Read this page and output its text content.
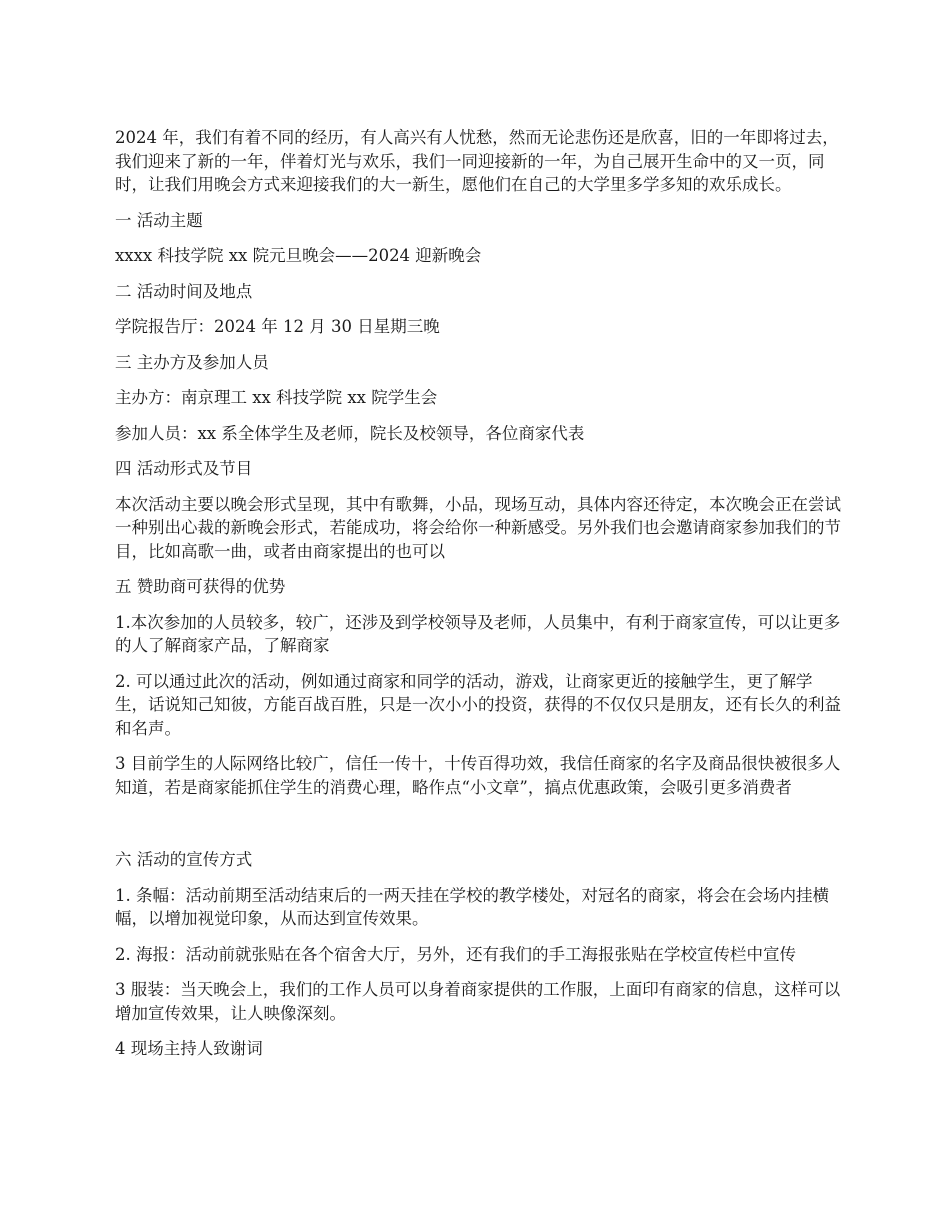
2024 年，我们有着不同的经历，有人高兴有人忧愁，然而无论悲伤还是欣喜，旧的一年即将过去，我们迎来了新的一年，伴着灯光与欢乐，我们一同迎接新的一年，为自己展开生命中的又一页，同时，让我们用晚会方式来迎接我们的大一新生，愿他们在自己的大学里多学多知的欢乐成长。

一 活动主题

xxxx 科技学院 xx 院元旦晚会——2024 迎新晚会

二 活动时间及地点

学院报告厅：2024 年 12 月 30 日星期三晚

三 主办方及参加人员

主办方：南京理工 xx 科技学院 xx 院学生会

参加人员：xx 系全体学生及老师，院长及校领导，各位商家代表

四 活动形式及节目

本次活动主要以晚会形式呈现，其中有歌舞，小品，现场互动，具体内容还待定，本次晚会正在尝试一种别出心裁的新晚会形式，若能成功，将会给你一种新感受。另外我们也会邀请商家参加我们的节目，比如高歌一曲，或者由商家提出的也可以

五 赞助商可获得的优势

1.本次参加的人员较多，较广，还涉及到学校领导及老师，人员集中，有利于商家宣传，可以让更多的人了解商家产品，了解商家

2. 可以通过此次的活动，例如通过商家和同学的活动，游戏，让商家更近的接触学生，更了解学生，话说知己知彼，方能百战百胜，只是一次小小的投资，获得的不仅仅只是朋友，还有长久的利益和名声。

3 目前学生的人际网络比较广，信任一传十，十传百得功效，我信任商家的名字及商品很快被很多人知道，若是商家能抓住学生的消费心理，略作点“小文章”，搞点优惠政策，会吸引更多消费者

六 活动的宣传方式

1. 条幅：活动前期至活动结束后的一两天挂在学校的教学楼处，对冠名的商家，将会在会场内挂横幅，以增加视觉印象，从而达到宣传效果。

2. 海报：活动前就张贴在各个宿舍大厅，另外，还有我们的手工海报张贴在学校宣传栏中宣传

3 服装：当天晚会上，我们的工作人员可以身着商家提供的工作服，上面印有商家的信息，这样可以增加宣传效果，让人映像深刻。

4 现场主持人致谢词
